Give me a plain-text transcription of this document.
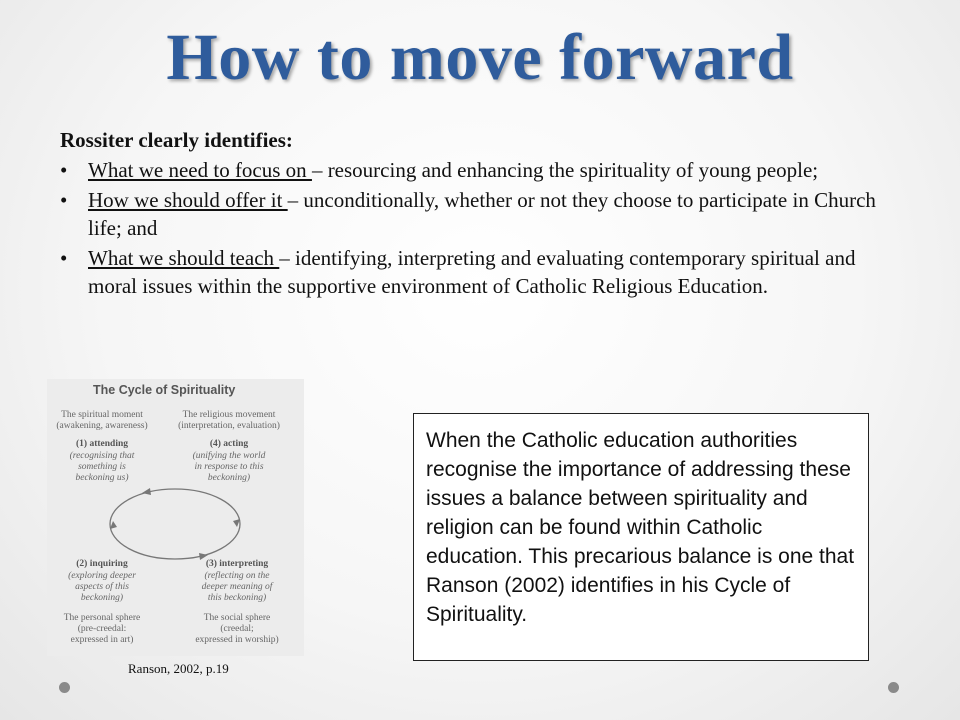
How to move forward
Rossiter clearly identifies:
• What we need to focus on – resourcing and enhancing the spirituality of young people;
• How we should offer it – unconditionally, whether or not they choose to participate in Church life; and
• What we should teach – identifying, interpreting and evaluating contemporary spiritual and moral issues within the supportive environment of Catholic Religious Education.
The Cycle of Spirituality
The spiritual moment
(awakening, awareness)
The religious movement
(interpretation, evaluation)
(1) attending
(recognising that
something is
beckoning us)
(4) acting
(unifying the world
in response to this
beckoning)
(2) inquiring
(exploring deeper
aspects of this
beckoning)
(3) interpreting
(reflecting on the
deeper meaning of
this beckoning)
The personal sphere
(pre-creedal:
expressed in art)
The social sphere
(creedal;
expressed in worship)
Ranson, 2002, p.19
When the Catholic education authorities recognise the importance of addressing these issues a balance between spirituality and religion can be found within Catholic education. This precarious balance is one that Ranson (2002) identifies in his Cycle of Spirituality.
